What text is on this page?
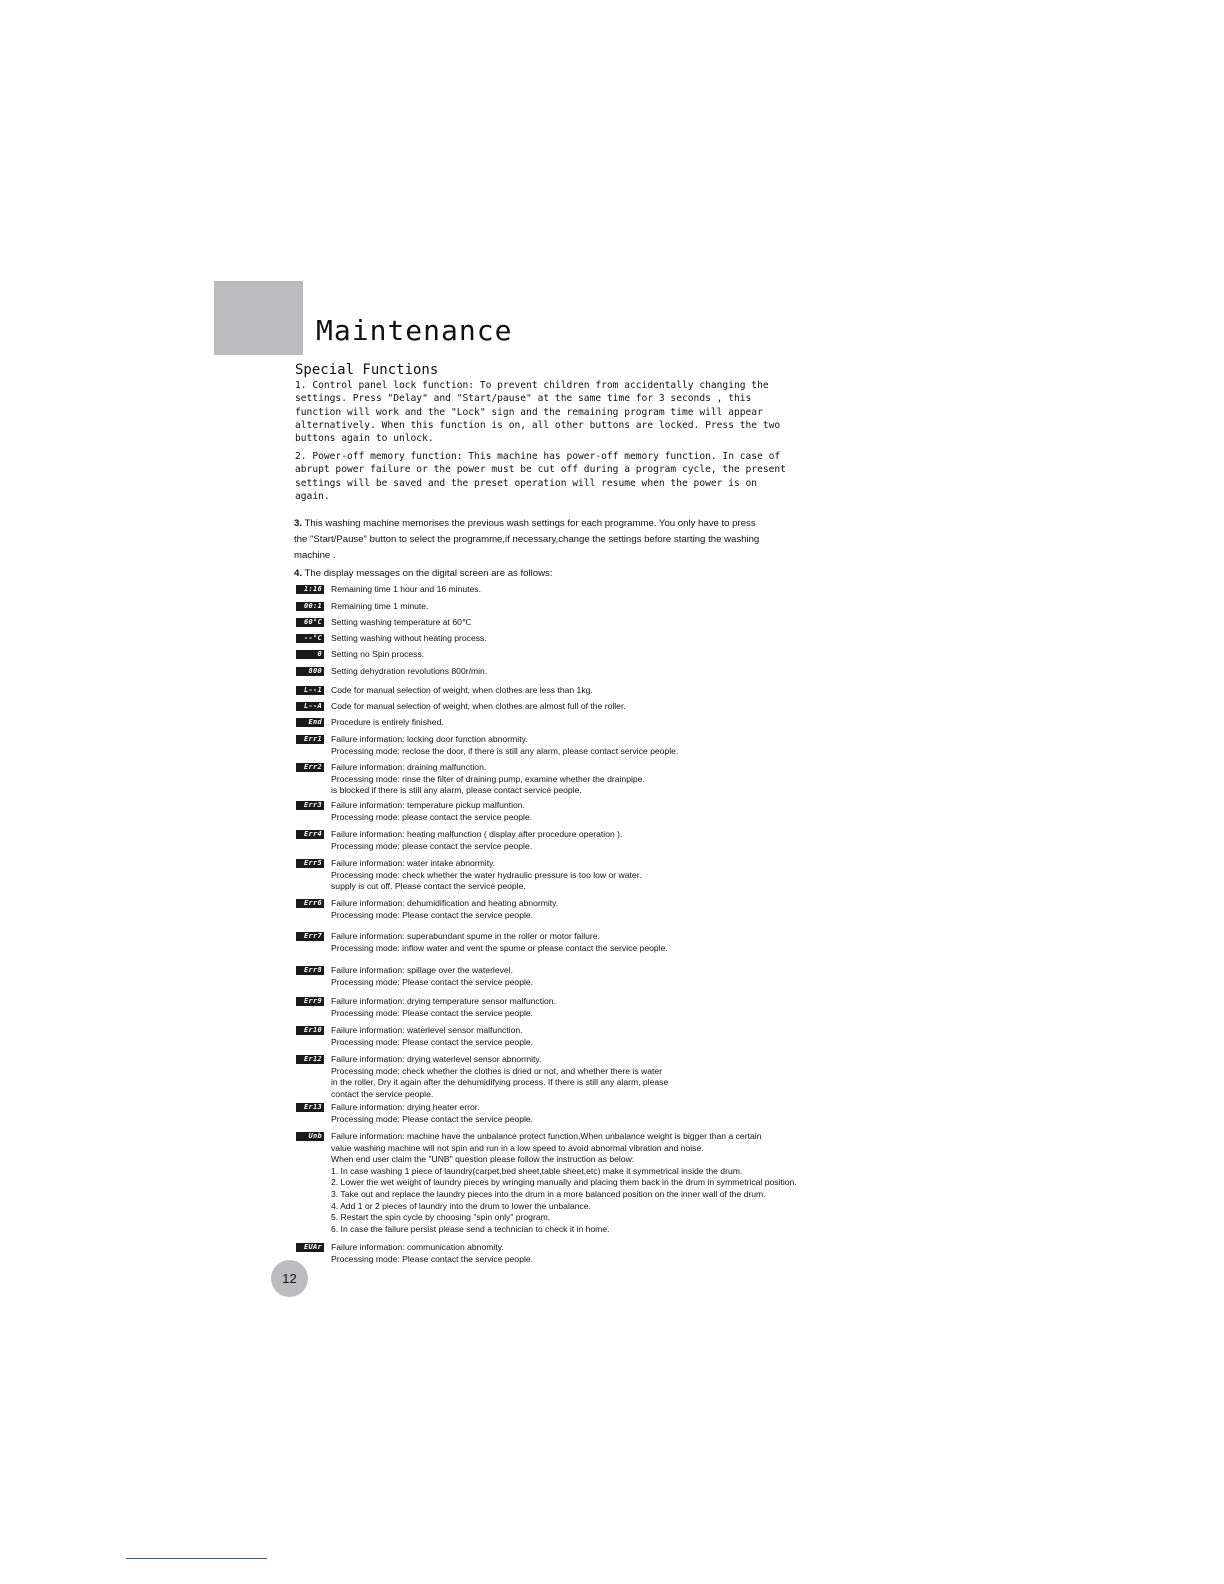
Maintenance
Special Functions
1. Control panel lock function: To prevent children from accidentally changing the settings. Press "Delay" and "Start/pause" at the same time for 3 seconds , this function will work and the "Lock" sign and the remaining program time will appear alternatively. When this function is on, all other buttons are locked. Press the two buttons again to unlock.
2. Power-off memory function: This machine has power-off memory function. In case of abrupt power failure or the power must be cut off during a program cycle, the present settings will be saved and the preset operation will resume when the power is on again.
3. This washing machine memorises the previous wash settings for each programme. You only have to press the "Start/Pause" button to select the programme,if necessary,change the settings before starting the washing machine .
4. The display messages on the digital screen are as follows:
1:16 Remaining time 1 hour and 16 minutes.
00:1 Remaining time 1 minute.
60°C Setting washing temperature at 60℃
--°C Setting washing without heating process.
0 Setting no Spin process.
800 Setting dehydration revolutions 800r/min.
L--1 Code for manual selection of weight, when clothes are less than 1kg.
L--A Code for manual selection of weight, when clothes are almost full of the roller.
End Procedure is entirely finished.
Err1 Failure information: locking door function abnormity.
Processing mode: reclose the door, if there is still any alarm, please contact service people.
Err2 Failure information: draining malfunction.
Processing mode: rinse the filter of draining pump, examine whether the drainpipe.
is blocked if there is still any alarm, please contact service people.
Err3 Failure information: temperature pickup malfuntion.
Processing mode: please contact the service people.
Err4 Failure information: heating malfunction ( display after procedure operation ).
Processing mode: please contact the service people.
Err5 Failure information: water intake abnormity.
Processing mode: check whether the water hydraulic pressure is too low or water.
supply is cut off. Please contact the service people.
Err6 Failure information: dehumidification and heating abnormity.
Processing mode: Please contact the service people.
Err7 Failure information: superabundant spume in the roller or motor failure.
Processing mode: inflow water and vent the spume or please contact the service people.
Err8 Failure information: spillage over the waterlevel.
Processing mode: Please contact the service people.
Err9 Failure information: drying temperature sensor malfunction.
Processing mode: Please contact the service people.
Er10 Failure information: waterlevel sensor malfunction.
Processing mode: Please contact the service people.
Er12 Failure information: drying waterlevel sensor abnormity.
Processing mode: check whether the clothes is dried or not, and whether there is water
in the roller, Dry it again after the dehumidifying process. If there is still any alarm, please
contact the service people.
Er13 Failure information: drying heater error.
Processing mode: Please contact the service people.
Unb Failure information: machine have the unbalance protect function,When unbalance weight is bigger than a certain
value washing machine will not spin and run in a low speed to avoid abnormal vibration and noise.
When end user claim the "UNB" question please follow the instruction as below:
1. In case washing 1 piece of laundry(carpet,bed sheet,table sheet,etc) make it symmetrical inside the drum.
2. Lower the wet weight of laundry pieces by wringing manually and placing them back in the drum in symmetrical position.
3. Take out and replace the laundry pieces into the drum in a more balanced position on the inner wall of the drum.
4. Add 1 or 2 pieces of laundry into the drum to lower the unbalance.
5. Restart the spin cycle by choosing "spin only" program.
6. In case the failure persist please send a technician to check it in home.
EUAr Failure information: communication abnomity.
Processing mode: Please contact the service people.
12
